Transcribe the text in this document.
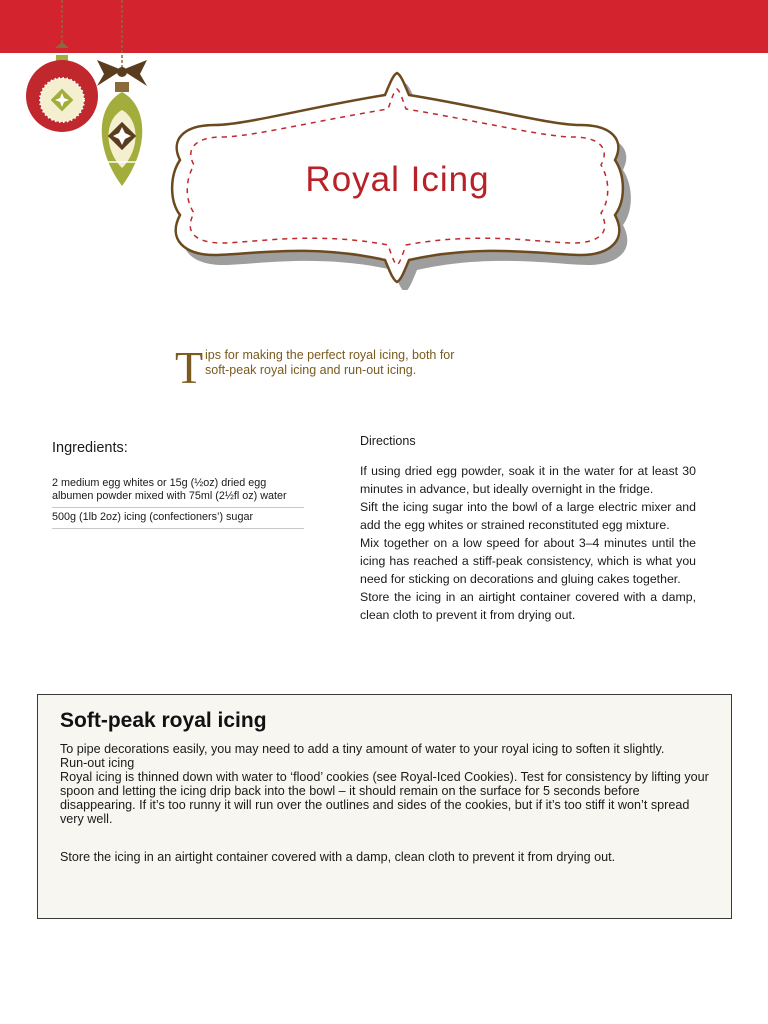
Royal Icing
T ips for making the perfect royal icing, both for soft-peak royal icing and run-out icing.
Ingredients:
2 medium egg whites or 15g (½oz) dried egg albumen powder mixed with 75ml (2½fl oz) water
500g (1lb 2oz) icing (confectioners’) sugar
Directions

If using dried egg powder, soak it in the water for at least 30 minutes in advance, but ideally overnight in the fridge.

Sift the icing sugar into the bowl of a large electric mixer and add the egg whites or strained reconstituted egg mixture.

Mix together on a low speed for about 3–4 minutes until the icing has reached a stiff-peak consistency, which is what you need for sticking on decorations and gluing cakes together.

Store the icing in an airtight container covered with a damp, clean cloth to prevent it from drying out.

Soft-peak royal icing

To pipe decorations easily, you may need to add a tiny amount of water to your royal icing to soften it slightly.

Run-out icing

Royal icing is thinned down with water to ‘flood’ cookies (see Royal-Iced Cookies). Test for consistency by lifting your spoon and letting the icing drip back into the bowl – it should remain on the surface for 5 seconds before disappearing. If it’s too runny it will run over the outlines and sides of the cookies, but if it’s too stiff it won’t spread very well.

Store the icing in an airtight container covered with a damp, clean cloth to prevent it from drying out.
